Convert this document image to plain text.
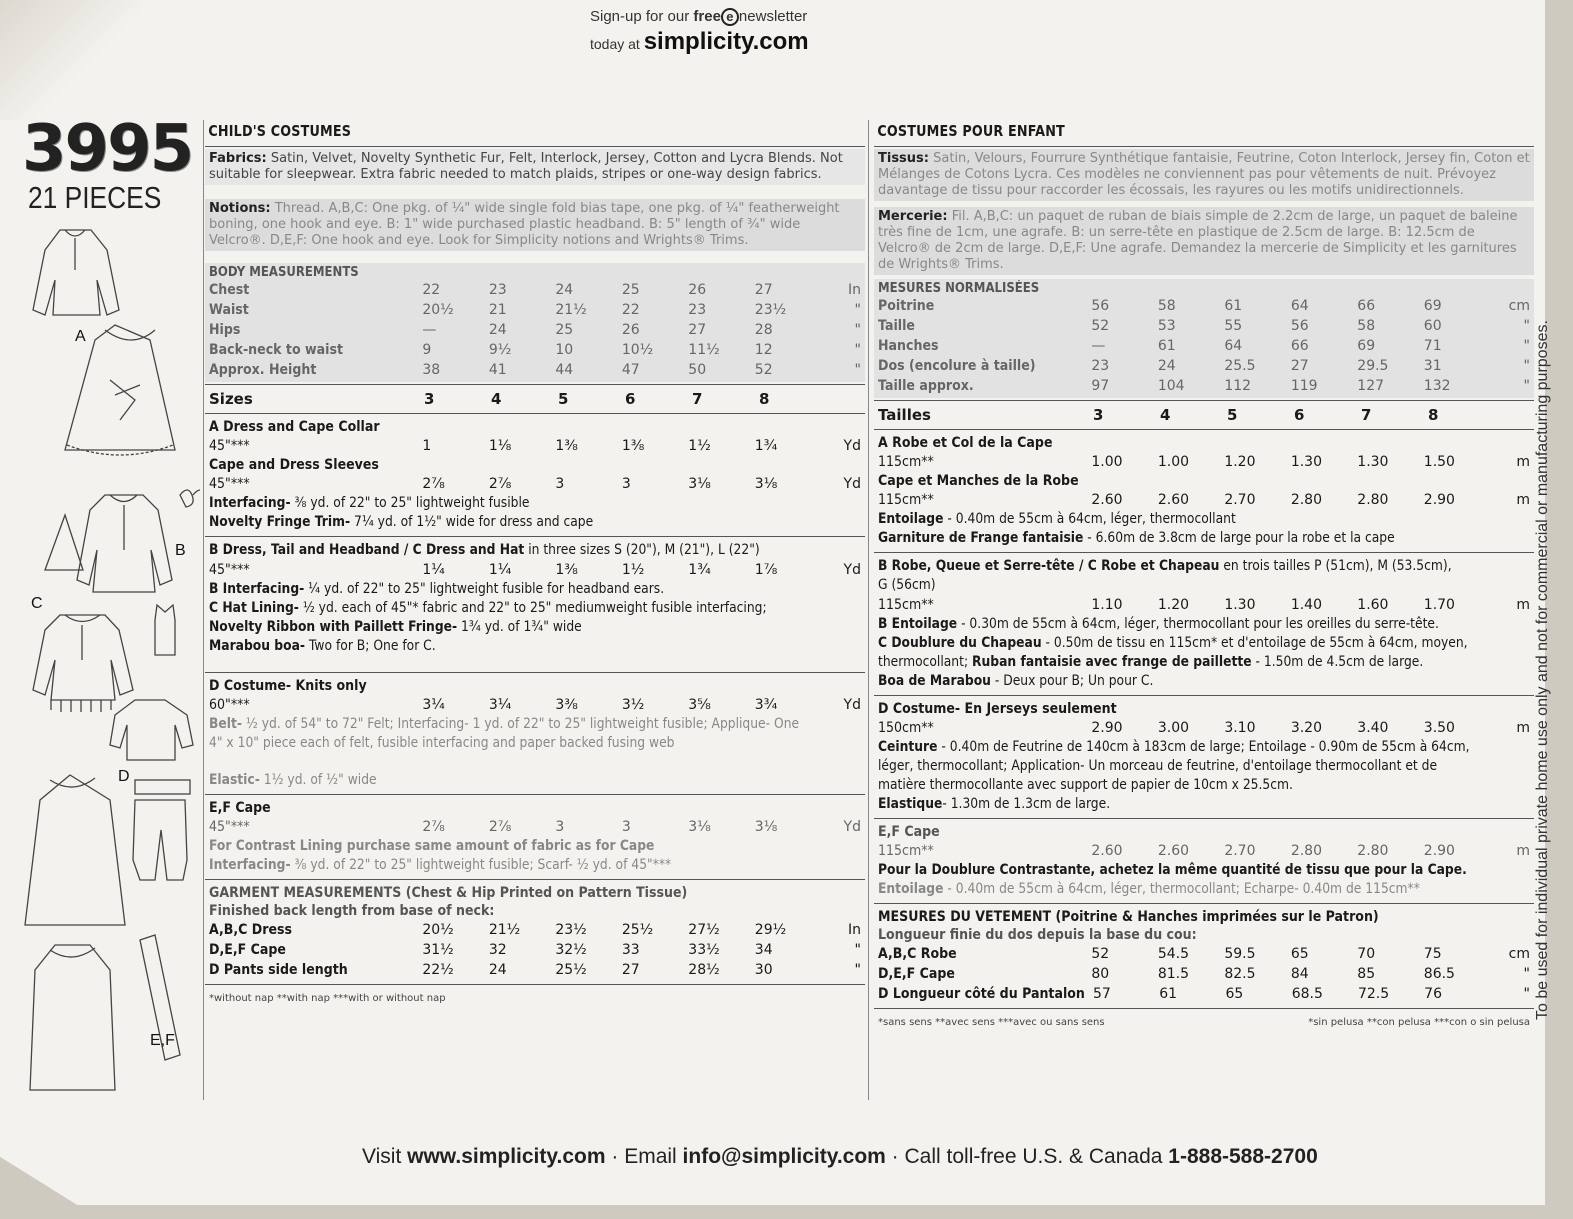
Sign-up for our free e newsletter
today at simplicity.com
3995
21 PIECES
A
B
C
D
E,F
CHILD'S COSTUMES
Fabrics: Satin, Velvet, Novelty Synthetic Fur, Felt, Interlock, Jersey, Cotton and Lycra Blends. Not suitable for sleepwear. Extra fabric needed to match plaids, stripes or one-way design fabrics.
Notions: Thread. A,B,C: One pkg. of ¼" wide single fold bias tape, one pkg. of ¼" featherweight boning, one hook and eye. B: 1" wide purchased plastic headband. B: 5" length of ¾" wide Velcro®. D,E,F: One hook and eye. Look for Simplicity notions and Wrights® Trims.
BODY MEASUREMENTS
Chest	22	23	24	25	26	27	In
Waist	20½	21	21½	22	23	23½	"
Hips	—	24	25	26	27	28	"
Back-neck to waist	9	9½	10	10½	11½	12	"
Approx. Height	38	41	44	47	50	52	"
Sizes	3	4	5	6	7	8
A Dress and Cape Collar
45"***	1	1⅛	1⅜	1⅜	1½	1¾	Yd
Cape and Dress Sleeves
45"***	2⅞	2⅞	3	3	3⅛	3⅛	Yd
Interfacing- ⅜ yd. of 22" to 25" lightweight fusible
Novelty Fringe Trim- 7¼ yd. of 1½" wide for dress and cape
B Dress, Tail and Headband / C Dress and Hat in three sizes S (20"), M (21"), L (22")
45"***	1¼	1¼	1⅜	1½	1¾	1⅞	Yd
B Interfacing- ¼ yd. of 22" to 25" lightweight fusible for headband ears.
C Hat Lining- ½ yd. each of 45"* fabric and 22" to 25" mediumweight fusible interfacing;
Novelty Ribbon with Paillett Fringe- 1¾ yd. of 1¾" wide
Marabou boa- Two for B; One for C.
D Costume- Knits only
60"***	3¼	3¼	3⅜	3½	3⅝	3¾	Yd
Belt- ½ yd. of 54" to 72" Felt; Interfacing- 1 yd. of 22" to 25" lightweight fusible; Applique- One
4" x 10" piece each of felt, fusible interfacing and paper backed fusing web
Elastic- 1½ yd. of ½" wide
E,F Cape
45"***	2⅞	2⅞	3	3	3⅛	3⅛	Yd
For Contrast Lining purchase same amount of fabric as for Cape
Interfacing- ⅜ yd. of 22" to 25" lightweight fusible; Scarf- ½ yd. of 45"***
GARMENT MEASUREMENTS (Chest & Hip Printed on Pattern Tissue)
Finished back length from base of neck:
A,B,C Dress	20½	21½	23½	25½	27½	29½	In
D,E,F Cape	31½	32	32½	33	33½	34	"
D Pants side length	22½	24	25½	27	28½	30	"
*without nap **with nap ***with or without nap
COSTUMES POUR ENFANT
Tissus: Satin, Velours, Fourrure Synthétique fantaisie, Feutrine, Coton Interlock, Jersey fin, Coton et Mélanges de Cotons Lycra. Ces modèles ne conviennent pas pour vêtements de nuit. Prévoyez davantage de tissu pour raccorder les écossais, les rayures ou les motifs unidirectionnels.
Mercerie: Fil. A,B,C: un paquet de ruban de biais simple de 2.2cm de large, un paquet de baleine très fine de 1cm, une agrafe. B: un serre-tête en plastique de 2.5cm de large. B: 12.5cm de Velcro® de 2cm de large. D,E,F: Une agrafe. Demandez la mercerie de Simplicity et les garnitures de Wrights® Trims.
MESURES NORMALISÉES
Poitrine	56	58	61	64	66	69	cm
Taille	52	53	55	56	58	60	"
Hanches	—	61	64	66	69	71	"
Dos (encolure à taille)	23	24	25.5	27	29.5	31	"
Taille approx.	97	104	112	119	127	132	"
Tailles	3	4	5	6	7	8
A Robe et Col de la Cape
115cm**	1.00	1.00	1.20	1.30	1.30	1.50	m
Cape et Manches de la Robe
115cm**	2.60	2.60	2.70	2.80	2.80	2.90	m
Entoilage - 0.40m de 55cm à 64cm, léger, thermocollant
Garniture de Frange fantaisie - 6.60m de 3.8cm de large pour la robe et la cape
B Robe, Queue et Serre-tête / C Robe et Chapeau en trois tailles P (51cm), M (53.5cm),
G (56cm)
115cm**	1.10	1.20	1.30	1.40	1.60	1.70	m
B Entoilage - 0.30m de 55cm à 64cm, léger, thermocollant pour les oreilles du serre-tête.
C Doublure du Chapeau - 0.50m de tissu en 115cm* et d'entoilage de 55cm à 64cm, moyen,
thermocollant; Ruban fantaisie avec frange de paillette - 1.50m de 4.5cm de large.
Boa de Marabou - Deux pour B; Un pour C.
D Costume- En Jerseys seulement
150cm**	2.90	3.00	3.10	3.20	3.40	3.50	m
Ceinture - 0.40m de Feutrine de 140cm à 183cm de large; Entoilage - 0.90m de 55cm à 64cm,
léger, thermocollant; Application- Un morceau de feutrine, d'entoilage thermocollant et de
matière thermocollante avec support de papier de 10cm x 25.5cm.
Elastique- 1.30m de 1.3cm de large.
E,F Cape
115cm**	2.60	2.60	2.70	2.80	2.80	2.90	m
Pour la Doublure Contrastante, achetez la même quantité de tissu que pour la Cape.
Entoilage - 0.40m de 55cm à 64cm, léger, thermocollant; Echarpe- 0.40m de 115cm**
MESURES DU VETEMENT (Poitrine & Hanches imprimées sur le Patron)
Longueur finie du dos depuis la base du cou:
A,B,C Robe	52	54.5	59.5	65	70	75	cm
D,E,F Cape	80	81.5	82.5	84	85	86.5	"
D Longueur côté du Pantalon 57	61	65	68.5	72.5	76	"
*sans sens **avec sens ***avec ou sans sens	*sin pelusa **con pelusa ***con o sin pelusa
Visit www.simplicity.com · Email info@simplicity.com · Call toll-free U.S. & Canada 1-888-588-2700
To be used for individual private home use only and not for commercial or manufacturing purposes.
